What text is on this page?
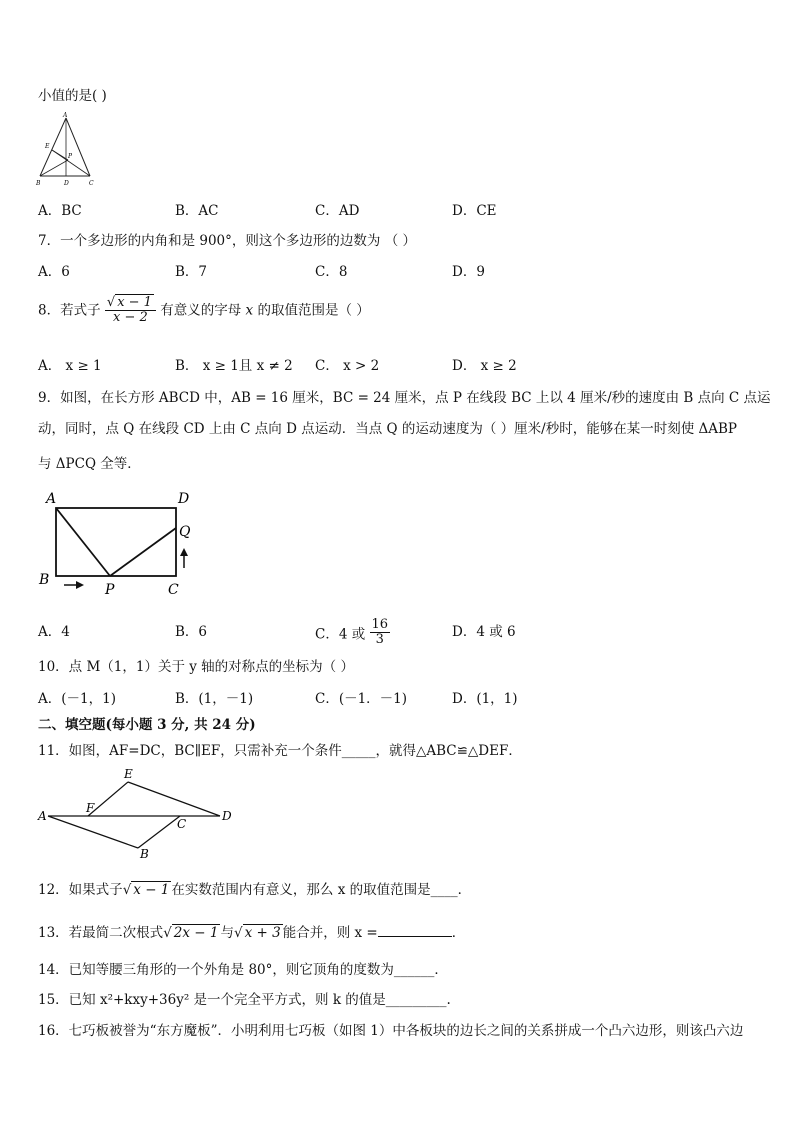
小值的是( )
A
E
P
B	D	C
A．BC	B．AC	C．AD	D．CE
7．一个多边形的内角和是 900°，则这个多边形的边数为 （ ）
A．6	B．7	C．8	D．9
8．若式子 $\frac{√ x - 1}{x - 2}$ 有意义的字母 x 的取值范围是（ ）
A． x ≥ 1	B． x ≥ 1且 x ≠ 2 C． x > 2	D． x ≥ 2
9．如图，在长方形 ABCD 中，AB = 16 厘米，BC = 24 厘米，点 P 在线段 BC 上以 4 厘米/秒的速度由 B 点向 C 点运
动，同时，点 Q 在线段 CD 上由 C 点向 D 点运动．当点 Q 的运动速度为（ ）厘米/秒时，能够在某一时刻使 ΔABP
与 ΔPCQ 全等．
A	D
Q
B
P	C
A．4	B．6	C．4 或 $\frac{16}{3}$	D．4 或 6
10．点 M（1，1）关于 y 轴的对称点的坐标为（ ）
A．(－1，1)	B．(1，－1)	C．(－1．－1)	D．(1，1)
二、填空题(每小题 3 分, 共 24 分)
11．如图，AF=DC，BC∥EF，只需补充一个条件_____，就得△ABC≌△DEF．
A
E
F
C
D
B
12．如果式子√ x − 1 在实数范围内有意义，那么 x 的取值范围是____．
13．若最简二次根式√ 2x − 1 与√ x + 3 能合并，则 x =	．
14．已知等腰三角形的一个外角是 80°，则它顶角的度数为______．
15．已知 x²+kxy+36y² 是一个完全平方式，则 k 的值是_________.
16．七巧板被誉为“东方魔板”．小明利用七巧板（如图 1）中各板块的边长之间的关系拼成一个凸六边形，则该凸六边
